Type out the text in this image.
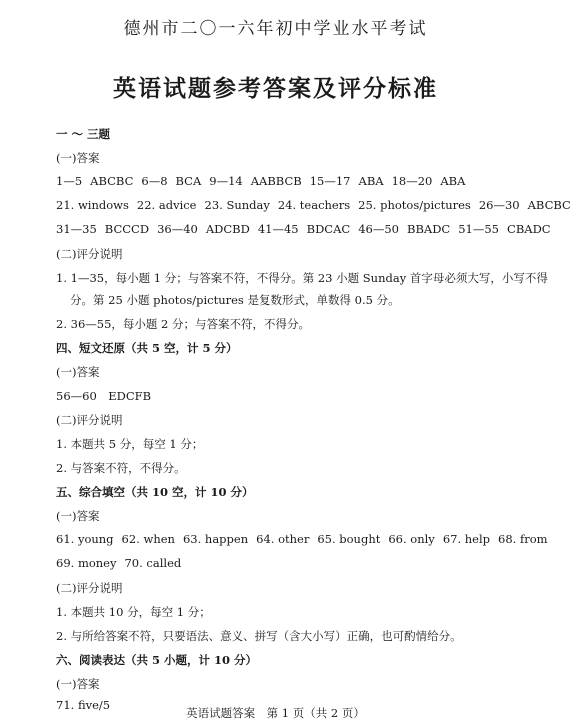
德州市二〇一六年初中学业水平考试
英语试题参考答案及评分标准
一 ～ 三题
(一)答案
1—5 ABCBC 6—8 BCA 9—14 AABBCB 15—17 ABA 18—20 ABA
21. windows 22. advice 23. Sunday 24. teachers 25. photos/pictures 26—30 ABCBC
31—35 BCCCD 36—40 ADCBD 41—45 BDCAC 46—50 BBADC 51—55 CBADC
(二)评分说明
1. 1—35，每小题 1 分；与答案不符，不得分。第 23 小题 Sunday 首字母必须大写，小写不得
分。第 25 小题 photos/pictures 是复数形式，单数得 0.5 分。
2. 36—55，每小题 2 分；与答案不符，不得分。
四、短文还原（共 5 空，计 5 分）
(一)答案
56—60　EDCFB
(二)评分说明
1. 本题共 5 分，每空 1 分；
2. 与答案不符，不得分。
五、综合填空（共 10 空，计 10 分）
(一)答案
61. young 62. when 63. happen 64. other 65. bought 66. only 67. help 68. from
69. money 70. called
(二)评分说明
1. 本题共 10 分，每空 1 分；
2. 与所给答案不符，只要语法、意义、拼写（含大小写）正确，也可酌情给分。
六、阅读表达（共 5 小题，计 10 分）
(一)答案
71. five/5
英语试题答案　第 1 页（共 2 页）
